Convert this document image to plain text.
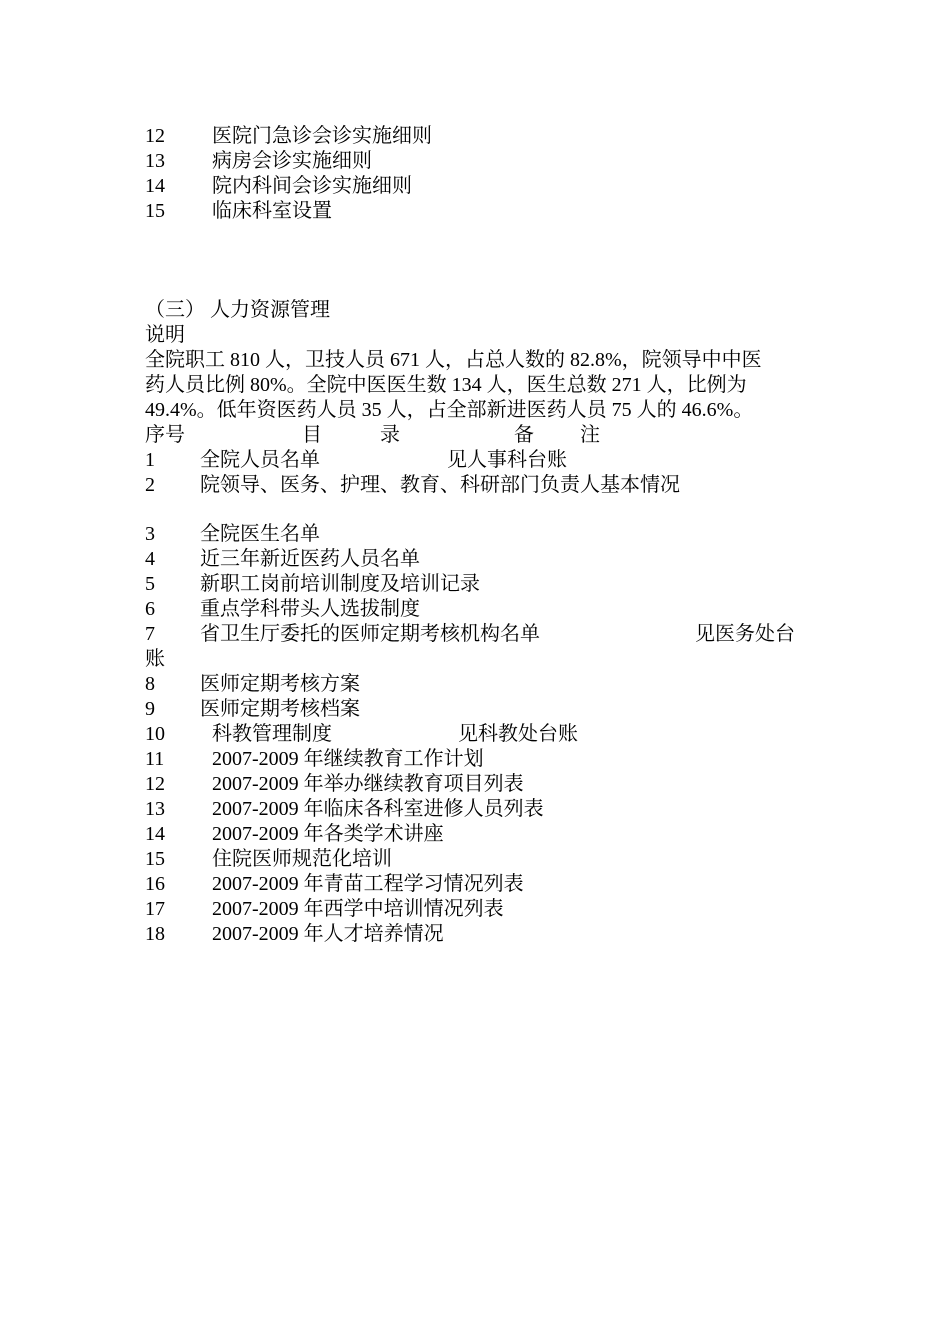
12 医院门急诊会诊实施细则
13 病房会诊实施细则
14 院内科间会诊实施细则
15 临床科室设置
（三） 人力资源管理
说明
全院职工 810 人，卫技人员 671 人，占总人数的 82.8%，院领导中中医
药人员比例 80%。全院中医医生数 134 人，医生总数 271 人，比例为
49.4%。低年资医药人员 35 人，占全部新进医药人员 75 人的 46.6%。
序号	目	录	备 注
1 全院人员名单	见人事科台账
2 院领导、医务、护理、教育、科研部门负责人基本情况
3 全院医生名单
4 近三年新近医药人员名单
5 新职工岗前培训制度及培训记录
6 重点学科带头人选拔制度
7 省卫生厅委托的医师定期考核机构名单	见医务处台
账
8 医师定期考核方案
9 医师定期考核档案
10 科教管理制度	见科教处台账
11 2007-2009 年继续教育工作计划
12 2007-2009 年举办继续教育项目列表
13 2007-2009 年临床各科室进修人员列表
14 2007-2009 年各类学术讲座
15 住院医师规范化培训
16 2007-2009 年青苗工程学习情况列表
17 2007-2009 年西学中培训情况列表
18 2007-2009 年人才培养情况
